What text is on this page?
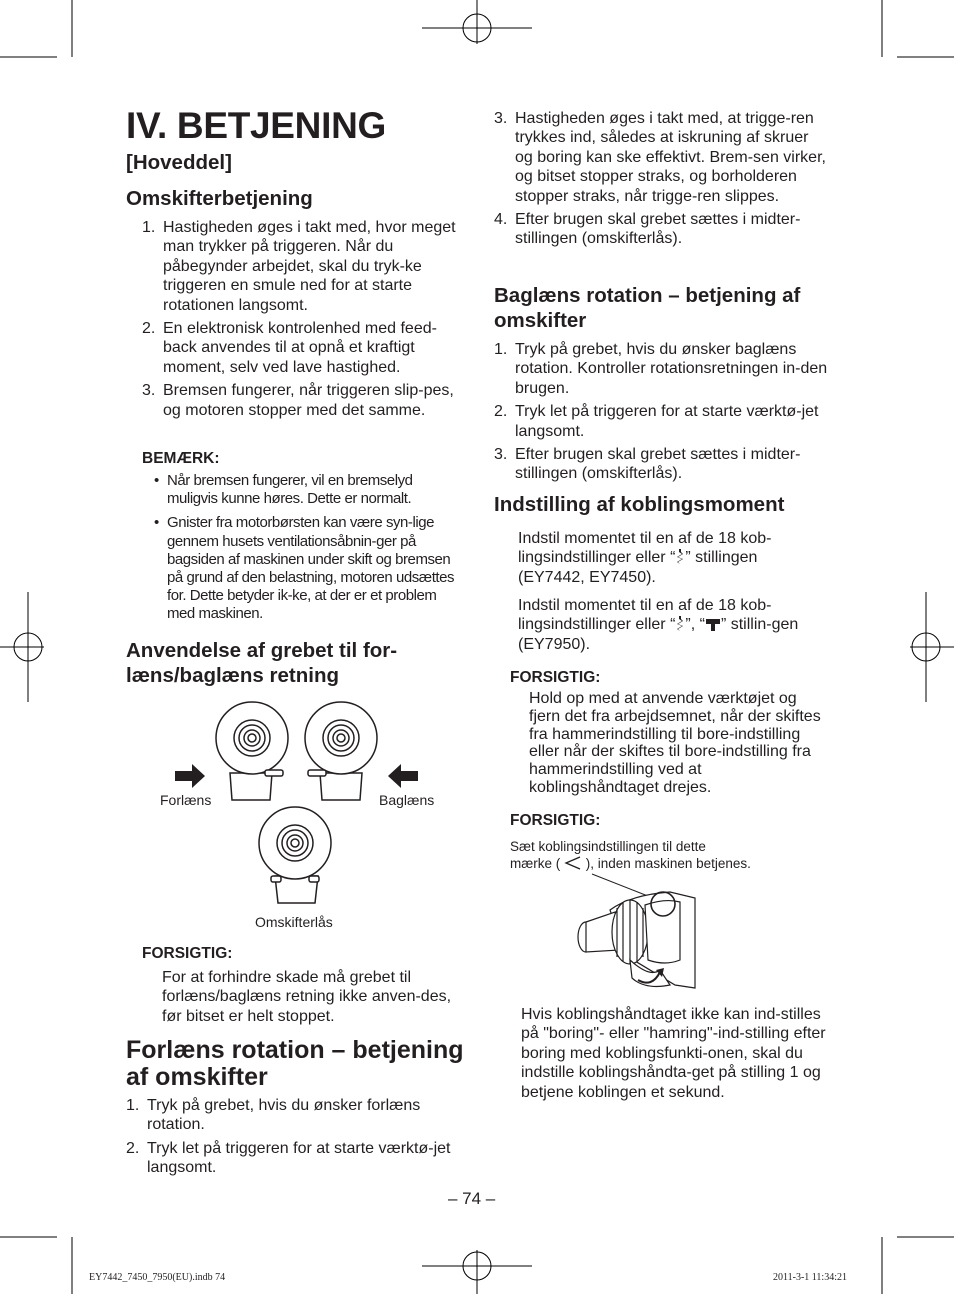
IV. BETJENING
[Hoveddel]
Omskifterbetjening
1. Hastigheden øges i takt med, hvor meget man trykker på triggeren. Når du påbegynder arbejdet, skal du tryk-ke triggeren en smule ned for at starte rotationen langsomt.
2. En elektronisk kontrolenhed med feed-back anvendes til at opnå et kraftigt moment, selv ved lave hastighed.
3. Bremsen fungerer, når triggeren slip-pes, og motoren stopper med det samme.
BEMÆRK:
• Når bremsen fungerer, vil en bremselyd muligvis kunne høres. Dette er normalt.
• Gnister fra motorbørsten kan være syn-lige gennem husets ventilationsåbnin-ger på bagsiden af maskinen under skift og bremsen på grund af den belastning, motoren udsættes for. Dette betyder ik-ke, at der er et problem med maskinen.
Anvendelse af grebet til for-læns/baglæns retning
Forlæns	Baglæns
Omskifterlås
FORSIGTIG:
For at forhindre skade må grebet til forlæns/baglæns retning ikke anven-des, før bitset er helt stoppet.
Forlæns rotation – betjening af omskifter
1. Tryk på grebet, hvis du ønsker forlæns rotation.
2. Tryk let på triggeren for at starte værktø-jet langsomt.
3. Hastigheden øges i takt med, at trigge-ren trykkes ind, således at iskruning af skruer og boring kan ske effektivt. Brem-sen virker, og bitset stopper straks, og borholderen stopper straks, når trigge-ren slippes.
4. Efter brugen skal grebet sættes i midter-stillingen (omskifterlås).
Baglæns rotation – betjening af omskifter
1. Tryk på grebet, hvis du ønsker baglæns rotation. Kontroller rotationsretningen in-den brugen.
2. Tryk let på triggeren for at starte værktø-jet langsomt.
3. Efter brugen skal grebet sættes i midter-stillingen (omskifterlås).
Indstilling af koblingsmoment
Indstil momentet til en af de 18 kob-lingsindstillinger eller “ ” stillingen (EY7442, EY7450).
Indstil momentet til en af de 18 kob-lingsindstillinger eller “ ”, “ ” stillin-gen (EY7950).
FORSIGTIG:
Hold op med at anvende værktøjet og fjern det fra arbejdsemnet, når der skiftes fra hammerindstilling til bore-indstilling eller når der skiftes til bore-indstilling fra hammerindstilling ved at koblingshåndtaget drejes.
FORSIGTIG:
Sæt koblingsindstillingen til dette
mærke ( ), inden maskinen betjenes.
Hvis koblingshåndtaget ikke kan ind-stilles på "boring"- eller "hamring"-ind-stilling efter boring med koblingsfunkti-onen, skal du indstille koblingshåndta-get på stilling 1 og betjene koblingen et sekund.
– 74 –
EY7442_7450_7950(EU).indb 74	2011-3-1 11:34:21
